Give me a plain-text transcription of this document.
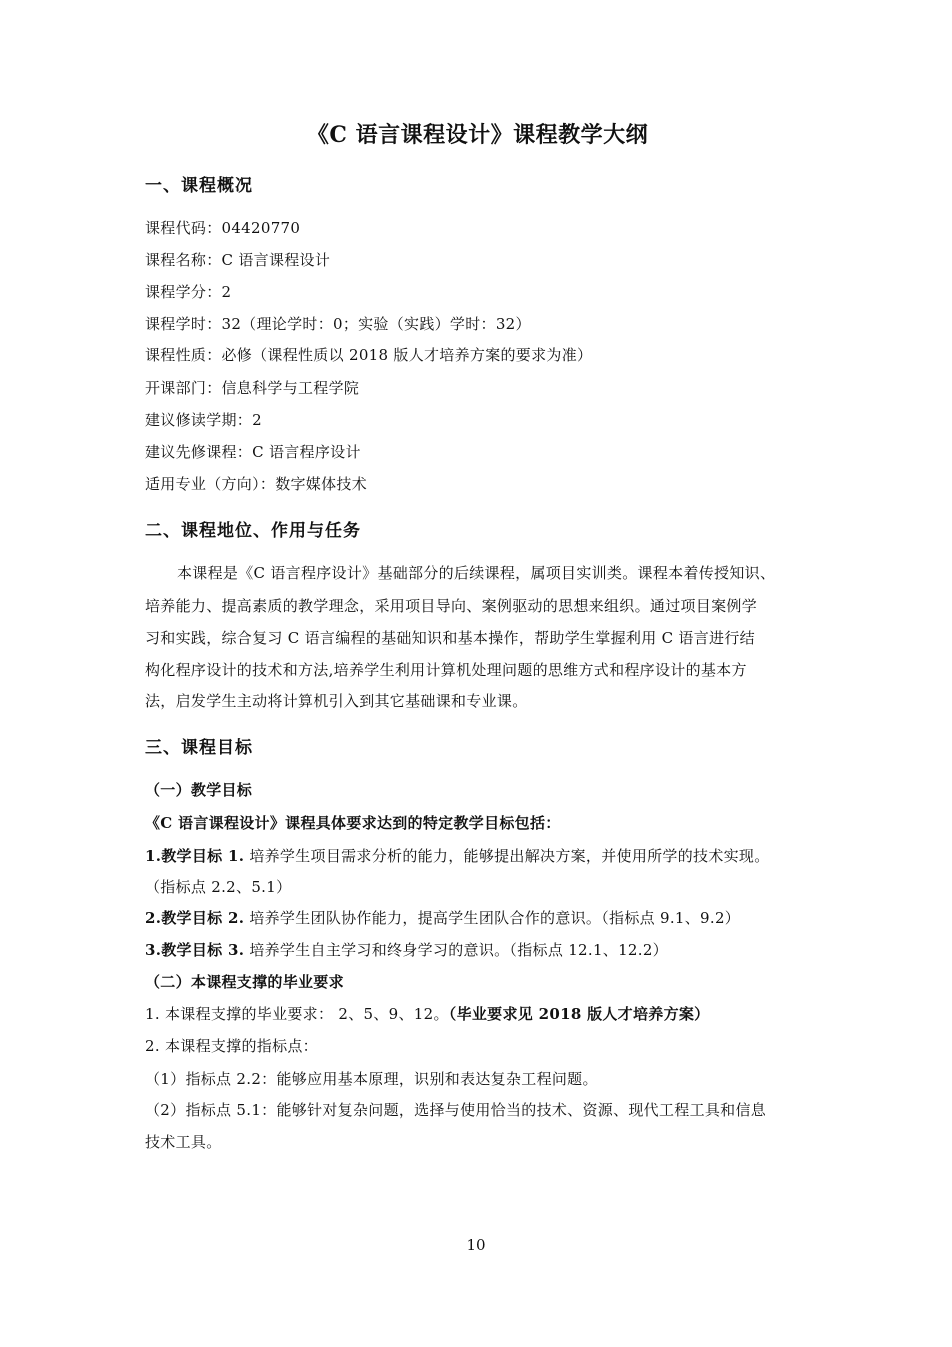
《C 语言课程设计》课程教学大纲
一、课程概况
课程代码：04420770
课程名称：C 语言课程设计
课程学分：2
课程学时：32（理论学时：0；实验（实践）学时：32）
课程性质：必修（课程性质以 2018 版人才培养方案的要求为准）
开课部门：信息科学与工程学院
建议修读学期：2
建议先修课程：C 语言程序设计
适用专业（方向）：数字媒体技术
二、课程地位、作用与任务
本课程是《C 语言程序设计》基础部分的后续课程，属项目实训类。课程本着传授知识、
培养能力、提高素质的教学理念，采用项目导向、案例驱动的思想来组织。通过项目案例学
习和实践，综合复习 C 语言编程的基础知识和基本操作，帮助学生掌握利用 C 语言进行结
构化程序设计的技术和方法,培养学生利用计算机处理问题的思维方式和程序设计的基本方
法，启发学生主动将计算机引入到其它基础课和专业课。
三、课程目标
（一）教学目标
《C 语言课程设计》课程具体要求达到的特定教学目标包括：
1.教学目标 1. 培养学生项目需求分析的能力，能够提出解决方案，并使用所学的技术实现。
（指标点 2.2、5.1）
2.教学目标 2. 培养学生团队协作能力，提高学生团队合作的意识。（指标点 9.1、9.2）
3.教学目标 3. 培养学生自主学习和终身学习的意识。（指标点 12.1、12.2）
（二）本课程支撑的毕业要求
1. 本课程支撑的毕业要求： 2、5、9、12。（毕业要求见 2018 版人才培养方案）
2. 本课程支撑的指标点：
（1）指标点 2.2：能够应用基本原理，识别和表达复杂工程问题。
（2）指标点 5.1：能够针对复杂问题，选择与使用恰当的技术、资源、现代工程工具和信息
技术工具。
10
